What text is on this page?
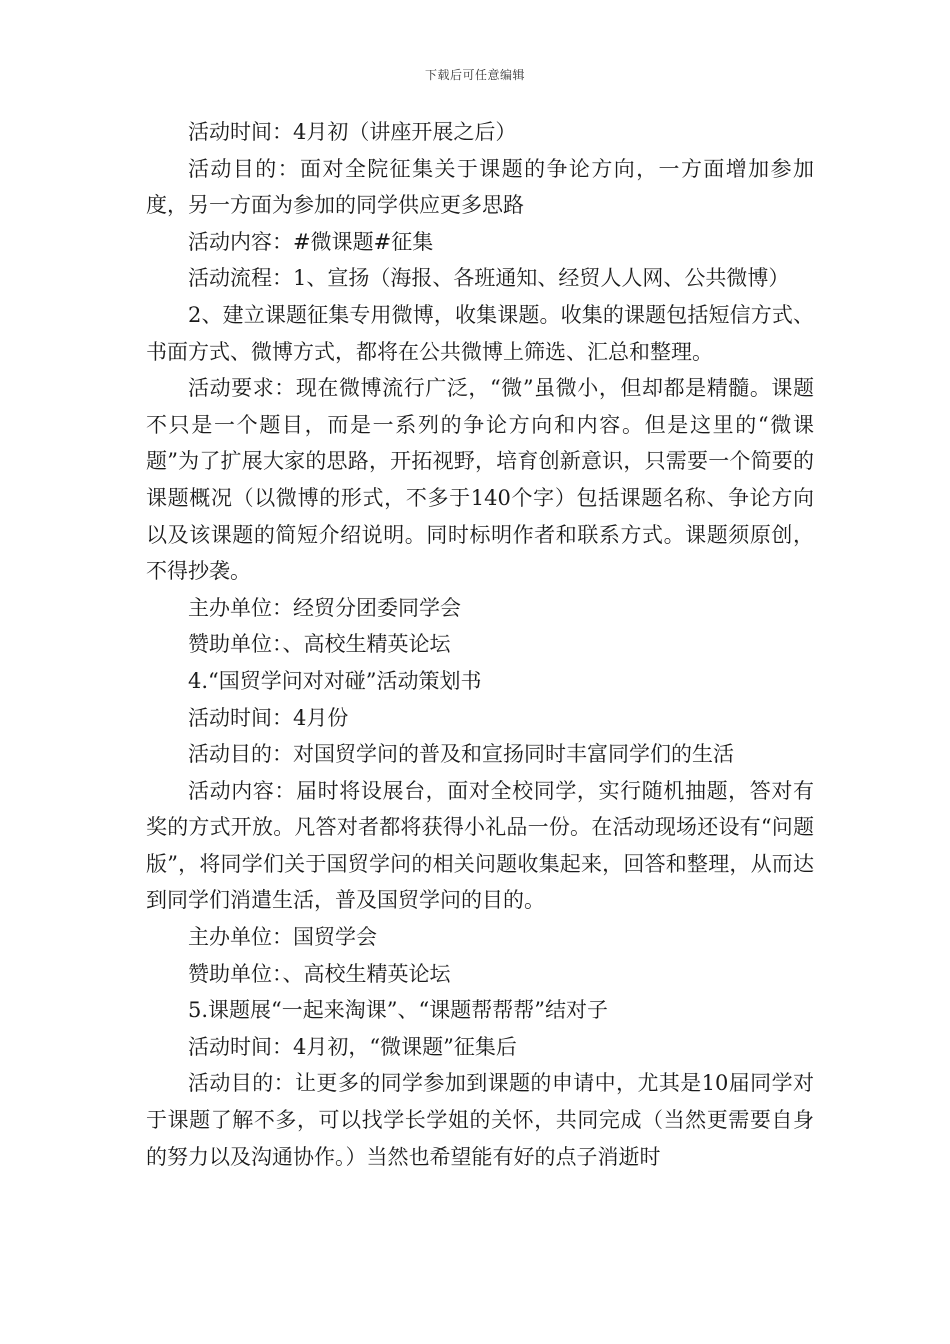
下载后可任意编辑

活动时间：4月初（讲座开展之后）

活动目的：面对全院征集关于课题的争论方向，一方面增加参加度，另一方面为参加的同学供应更多思路

活动内容：#微课题#征集

活动流程：1、宣扬（海报、各班通知、经贸人人网、公共微博）

2、建立课题征集专用微博，收集课题。收集的课题包括短信方式、书面方式、微博方式，都将在公共微博上筛选、汇总和整理。

活动要求：现在微博流行广泛，“微”虽微小，但却都是精髓。课题不只是一个题目，而是一系列的争论方向和内容。但是这里的“微课题”为了扩展大家的思路，开拓视野，培育创新意识，只需要一个简要的课题概况（以微博的形式，不多于140个字）包括课题名称、争论方向以及该课题的简短介绍说明。同时标明作者和联系方式。课题须原创，不得抄袭。

主办单位：经贸分团委同学会

赞助单位：、高校生精英论坛

4.“国贸学问对对碰”活动策划书

活动时间：4月份

活动目的：对国贸学问的普及和宣扬同时丰富同学们的生活

活动内容：届时将设展台，面对全校同学，实行随机抽题，答对有奖的方式开放。凡答对者都将获得小礼品一份。在活动现场还设有“问题版”，将同学们关于国贸学问的相关问题收集起来，回答和整理，从而达到同学们消遣生活，普及国贸学问的目的。

主办单位：国贸学会

赞助单位：、高校生精英论坛

5.课题展“一起来淘课”、“课题帮帮帮”结对子

活动时间：4月初，“微课题”征集后

活动目的：让更多的同学参加到课题的申请中，尤其是10届同学对于课题了解不多，可以找学长学姐的关怀，共同完成（当然更需要自身的努力以及沟通协作。）当然也希望能有好的点子消逝时
